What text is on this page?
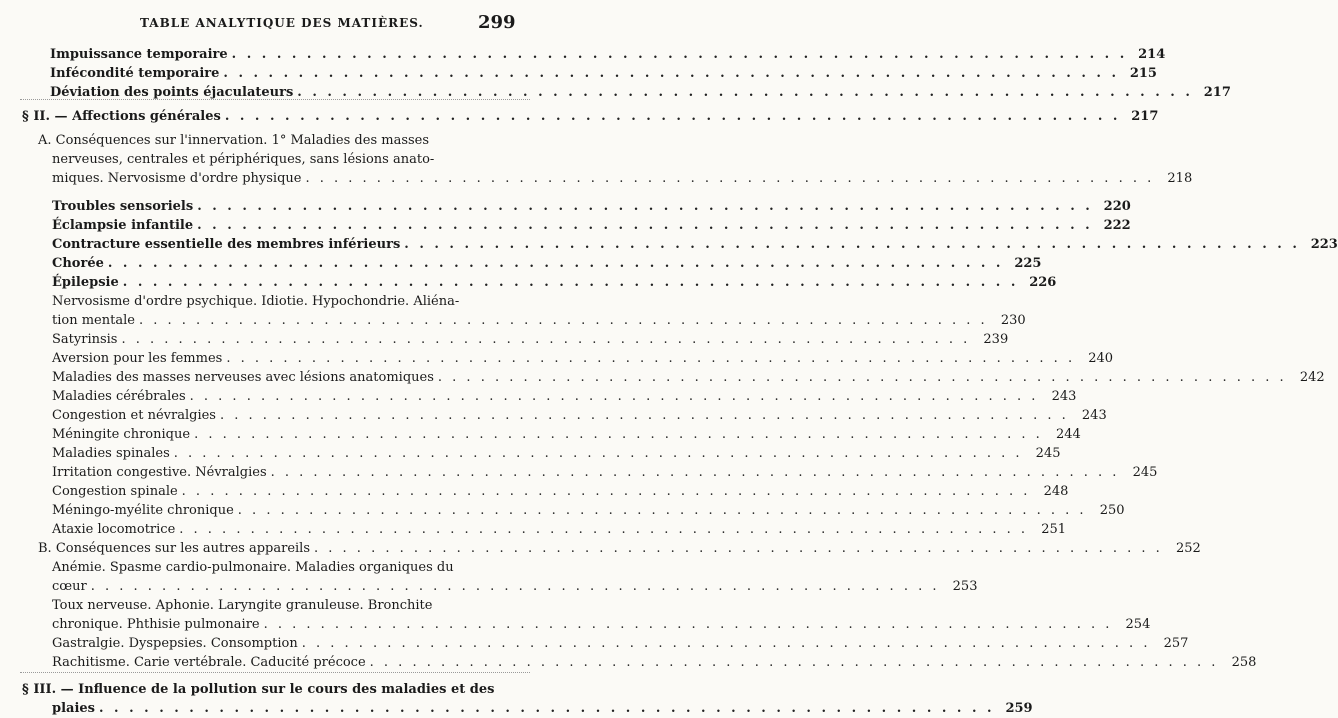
TABLE ANALYTIQUE DES MATIÈRES.	299
Impuissance temporaire . . . . . . . . . . . . . . . . . . . . . . . . . . . . . . . . . . . . . . . . . . . . . . . . . . . . . . . . . . . . 214
Infécondité temporaire . . . . . . . . . . . . . . . . . . . . . . . . . . . . . . . . . . . . . . . . . . . . . . . . . . . . . . . . . . . . 215
Déviation des points éjaculateurs . . . . . . . . . . . . . . . . . . . . . . . . . . . . . . . . . . . . . . . . . . . . . . . . . . . . . . . . . . . . 217
§ II. — Affections générales . . . . . . . . . . . . . . . . . . . . . . . . . . . . . . . . . . . . . . . . . . . . . . . . . . . . . . . . . . . . 217
A. Conséquences sur l'innervation. 1° Maladies des masses
nerveuses, centrales et périphériques, sans lésions anato-
miques. Nervosisme d'ordre physique . . . . . . . . . . . . . . . . . . . . . . . . . . . . . . . . . . . . . . . . . . . . . . . . . . . . . . . . . . . .	218
Troubles sensoriels . . . . . . . . . . . . . . . . . . . . . . . . . . . . . . . . . . . . . . . . . . . . . . . . . . . . . . . . . . . . 220
Éclampsie infantile . . . . . . . . . . . . . . . . . . . . . . . . . . . . . . . . . . . . . . . . . . . . . . . . . . . . . . . . . . . . 222
Contracture essentielle des membres inférieurs . . . . . . . . . . . . . . . . . . . . . . . . . . . . . . . . . . . . . . . . . . . . . . . . . . . . . . . . . . . . 223
Chorée . . . . . . . . . . . . . . . . . . . . . . . . . . . . . . . . . . . . . . . . . . . . . . . . . . . . . . . . . . . . 225
Épilepsie . . . . . . . . . . . . . . . . . . . . . . . . . . . . . . . . . . . . . . . . . . . . . . . . . . . . . . . . . . . . 226
Nervosisme d'ordre psychique. Idiotie. Hypochondrie. Aliéna-
tion mentale . . . . . . . . . . . . . . . . . . . . . . . . . . . . . . . . . . . . . . . . . . . . . . . . . . . . . . . . . . . .	230
Satyrinsis . . . . . . . . . . . . . . . . . . . . . . . . . . . . . . . . . . . . . . . . . . . . . . . . . . . . . . . . . . . .	239
Aversion pour les femmes . . . . . . . . . . . . . . . . . . . . . . . . . . . . . . . . . . . . . . . . . . . . . . . . . . . . . . . . . . . .	240
Maladies des masses nerveuses avec lésions anatomiques . . . . . . . . . . . . . . . . . . . . . . . . . . . . . . . . . . . . . . . . . . . . . . . . . . . . . . . . . . . .	242
Maladies cérébrales . . . . . . . . . . . . . . . . . . . . . . . . . . . . . . . . . . . . . . . . . . . . . . . . . . . . . . . . . . . .	243
Congestion et névralgies . . . . . . . . . . . . . . . . . . . . . . . . . . . . . . . . . . . . . . . . . . . . . . . . . . . . . . . . . . . .	243
Méningite chronique . . . . . . . . . . . . . . . . . . . . . . . . . . . . . . . . . . . . . . . . . . . . . . . . . . . . . . . . . . . .	244
Maladies spinales . . . . . . . . . . . . . . . . . . . . . . . . . . . . . . . . . . . . . . . . . . . . . . . . . . . . . . . . . . . .	245
Irritation congestive. Névralgies . . . . . . . . . . . . . . . . . . . . . . . . . . . . . . . . . . . . . . . . . . . . . . . . . . . . . . . . . . . .	245
Congestion spinale . . . . . . . . . . . . . . . . . . . . . . . . . . . . . . . . . . . . . . . . . . . . . . . . . . . . . . . . . . . .	248
Méningo-myélite chronique . . . . . . . . . . . . . . . . . . . . . . . . . . . . . . . . . . . . . . . . . . . . . . . . . . . . . . . . . . . .	250
Ataxie locomotrice . . . . . . . . . . . . . . . . . . . . . . . . . . . . . . . . . . . . . . . . . . . . . . . . . . . . . . . . . . . .	251
B. Conséquences sur les autres appareils . . . . . . . . . . . . . . . . . . . . . . . . . . . . . . . . . . . . . . . . . . . . . . . . . . . . . . . . . . . .	252
Anémie. Spasme cardio-pulmonaire. Maladies organiques du
cœur . . . . . . . . . . . . . . . . . . . . . . . . . . . . . . . . . . . . . . . . . . . . . . . . . . . . . . . . . . . .	253
Toux nerveuse. Aphonie. Laryngite granuleuse. Bronchite
chronique. Phthisie pulmonaire . . . . . . . . . . . . . . . . . . . . . . . . . . . . . . . . . . . . . . . . . . . . . . . . . . . . . . . . . . . .	254
Gastralgie. Dyspepsies. Consomption . . . . . . . . . . . . . . . . . . . . . . . . . . . . . . . . . . . . . . . . . . . . . . . . . . . . . . . . . . . .	257
Rachitisme. Carie vertébrale. Caducité précoce . . . . . . . . . . . . . . . . . . . . . . . . . . . . . . . . . . . . . . . . . . . . . . . . . . . . . . . . . . . .	258
§ III. — Influence de la pollution sur le cours des maladies et des
plaies . . . . . . . . . . . . . . . . . . . . . . . . . . . . . . . . . . . . . . . . . . . . . . . . . . . . . . . . . . . . 259
